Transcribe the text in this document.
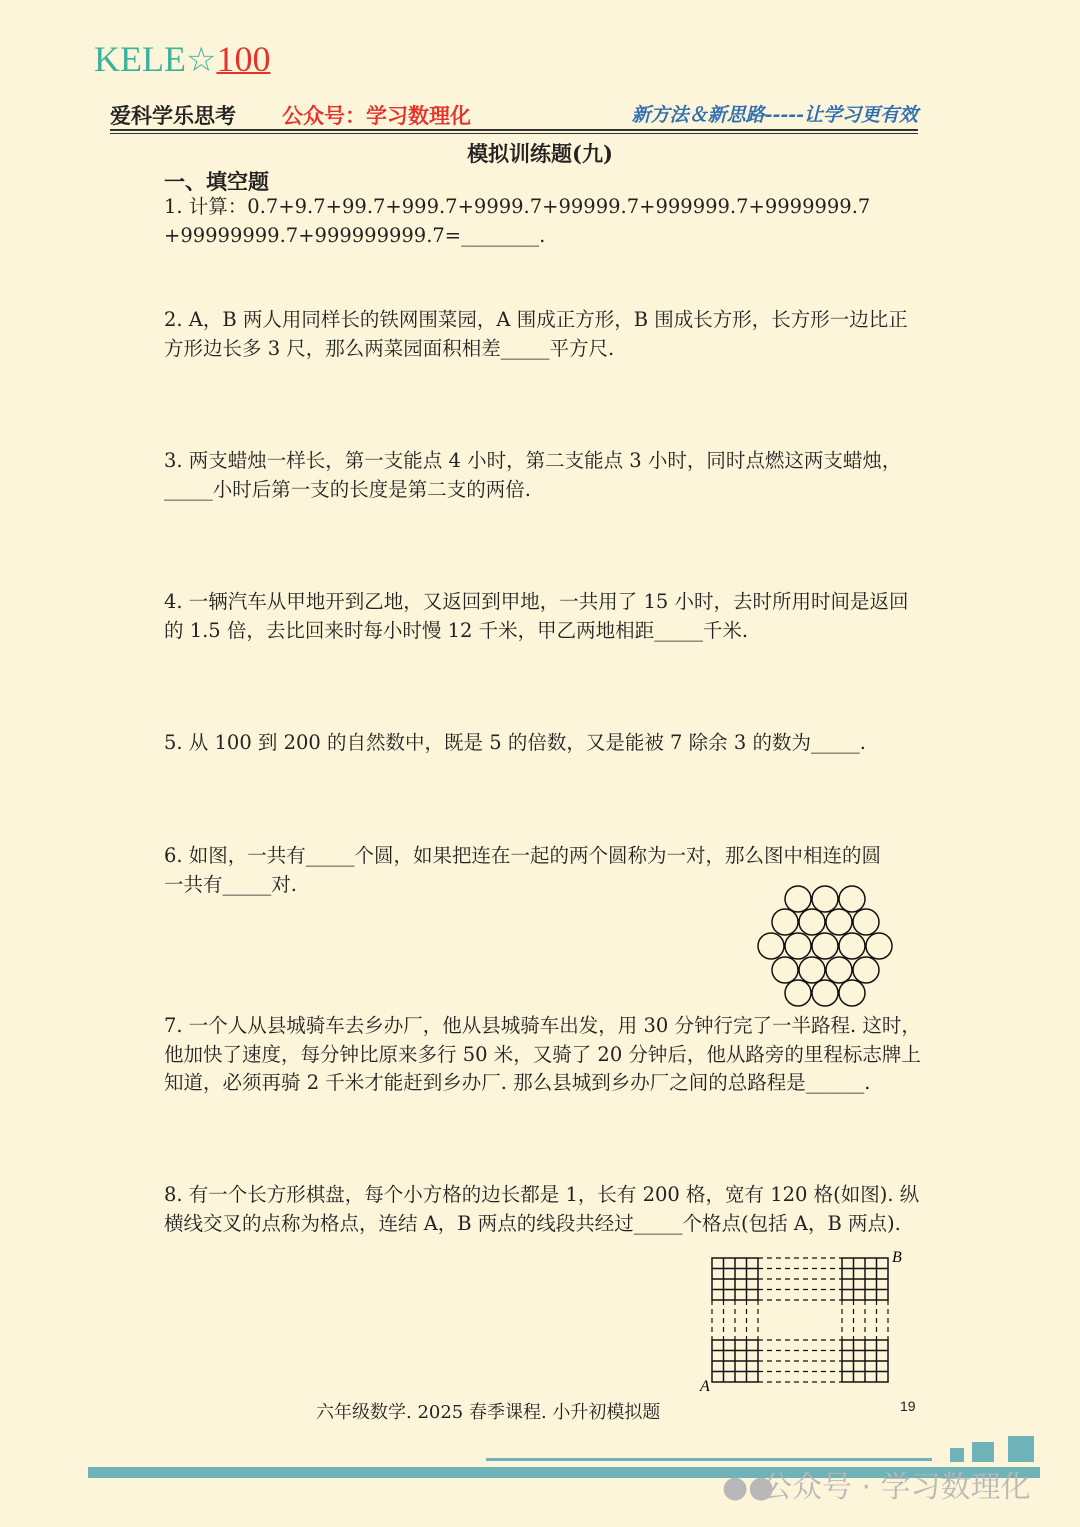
KELE☆100
爱科学乐思考 公众号：学习数理化	新方法＆新思路-----让学习更有效
模拟训练题(九)
一、填空题
1. 计算：0.7+9.7+99.7+999.7+9999.7+99999.7+999999.7+9999999.7 +99999999.7+999999999.7=________.
2. A，B 两人用同样长的铁网围菜园，A 围成正方形，B 围成长方形，长方形一边比正方形边长多 3 尺，那么两菜园面积相差_____平方尺.
3. 两支蜡烛一样长，第一支能点 4 小时，第二支能点 3 小时，同时点燃这两支蜡烛，_____小时后第一支的长度是第二支的两倍.
4. 一辆汽车从甲地开到乙地，又返回到甲地，一共用了 15 小时，去时所用时间是返回的 1.5 倍，去比回来时每小时慢 12 千米，甲乙两地相距_____千米.
5. 从 100 到 200 的自然数中，既是 5 的倍数，又是能被 7 除余 3 的数为_____.
6. 如图，一共有_____个圆，如果把连在一起的两个圆称为一对，那么图中相连的圆一共有_____对.
7. 一个人从县城骑车去乡办厂，他从县城骑车出发，用 30 分钟行完了一半路程. 这时，他加快了速度，每分钟比原来多行 50 米，又骑了 20 分钟后，他从路旁的里程标志牌上知道，必须再骑 2 千米才能赶到乡办厂. 那么县城到乡办厂之间的总路程是______.
8. 有一个长方形棋盘，每个小方格的边长都是 1，长有 200 格，宽有 120 格(如图). 纵横线交叉的点称为格点，连结 A，B 两点的线段共经过_____个格点(包括 A，B 两点).
A
B
六年级数学. 2025 春季课程. 小升初模拟题	19
●●公众号 · 学习数理化
